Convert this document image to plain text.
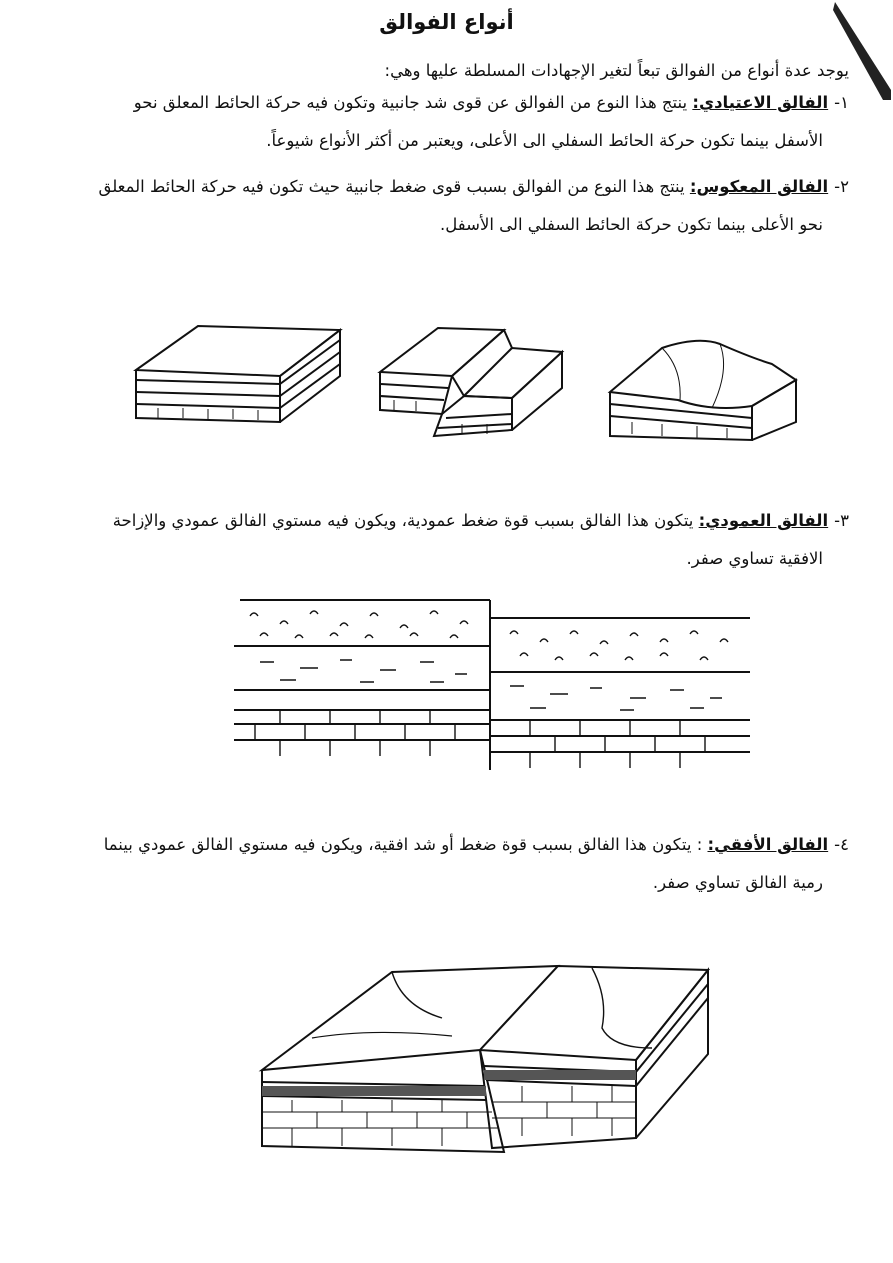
أنواع الفوالق
يوجد عدة أنواع من الفوالق تبعاً لتغير الإجهادات المسلطة عليها وهي:
١-الفالق الاعتيادي: ينتج هذا النوع من الفوالق عن قوى شد جانبية وتكون فيه حركة الحائط المعلق نحو
الأسفل بينما تكون حركة الحائط السفلي الى الأعلى، ويعتبر من أكثر الأنواع شيوعاً.
٢-الفالق المعكوس: ينتج هذا النوع من الفوالق بسبب قوى ضغط جانبية حيث تكون فيه حركة الحائط المعلق
نحو الأعلى بينما تكون حركة الحائط السفلي الى الأسفل.
٣-الفالق العمودي: يتكون هذا الفالق بسبب قوة ضغط عمودية، ويكون فيه مستوي الفالق عمودي والإزاحة
الافقية تساوي صفر.
٤-الفالق الأفقي: : يتكون هذا الفالق بسبب قوة ضغط أو شد افقية، ويكون فيه مستوي الفالق عمودي بينما
رمية الفالق تساوي صفر.
